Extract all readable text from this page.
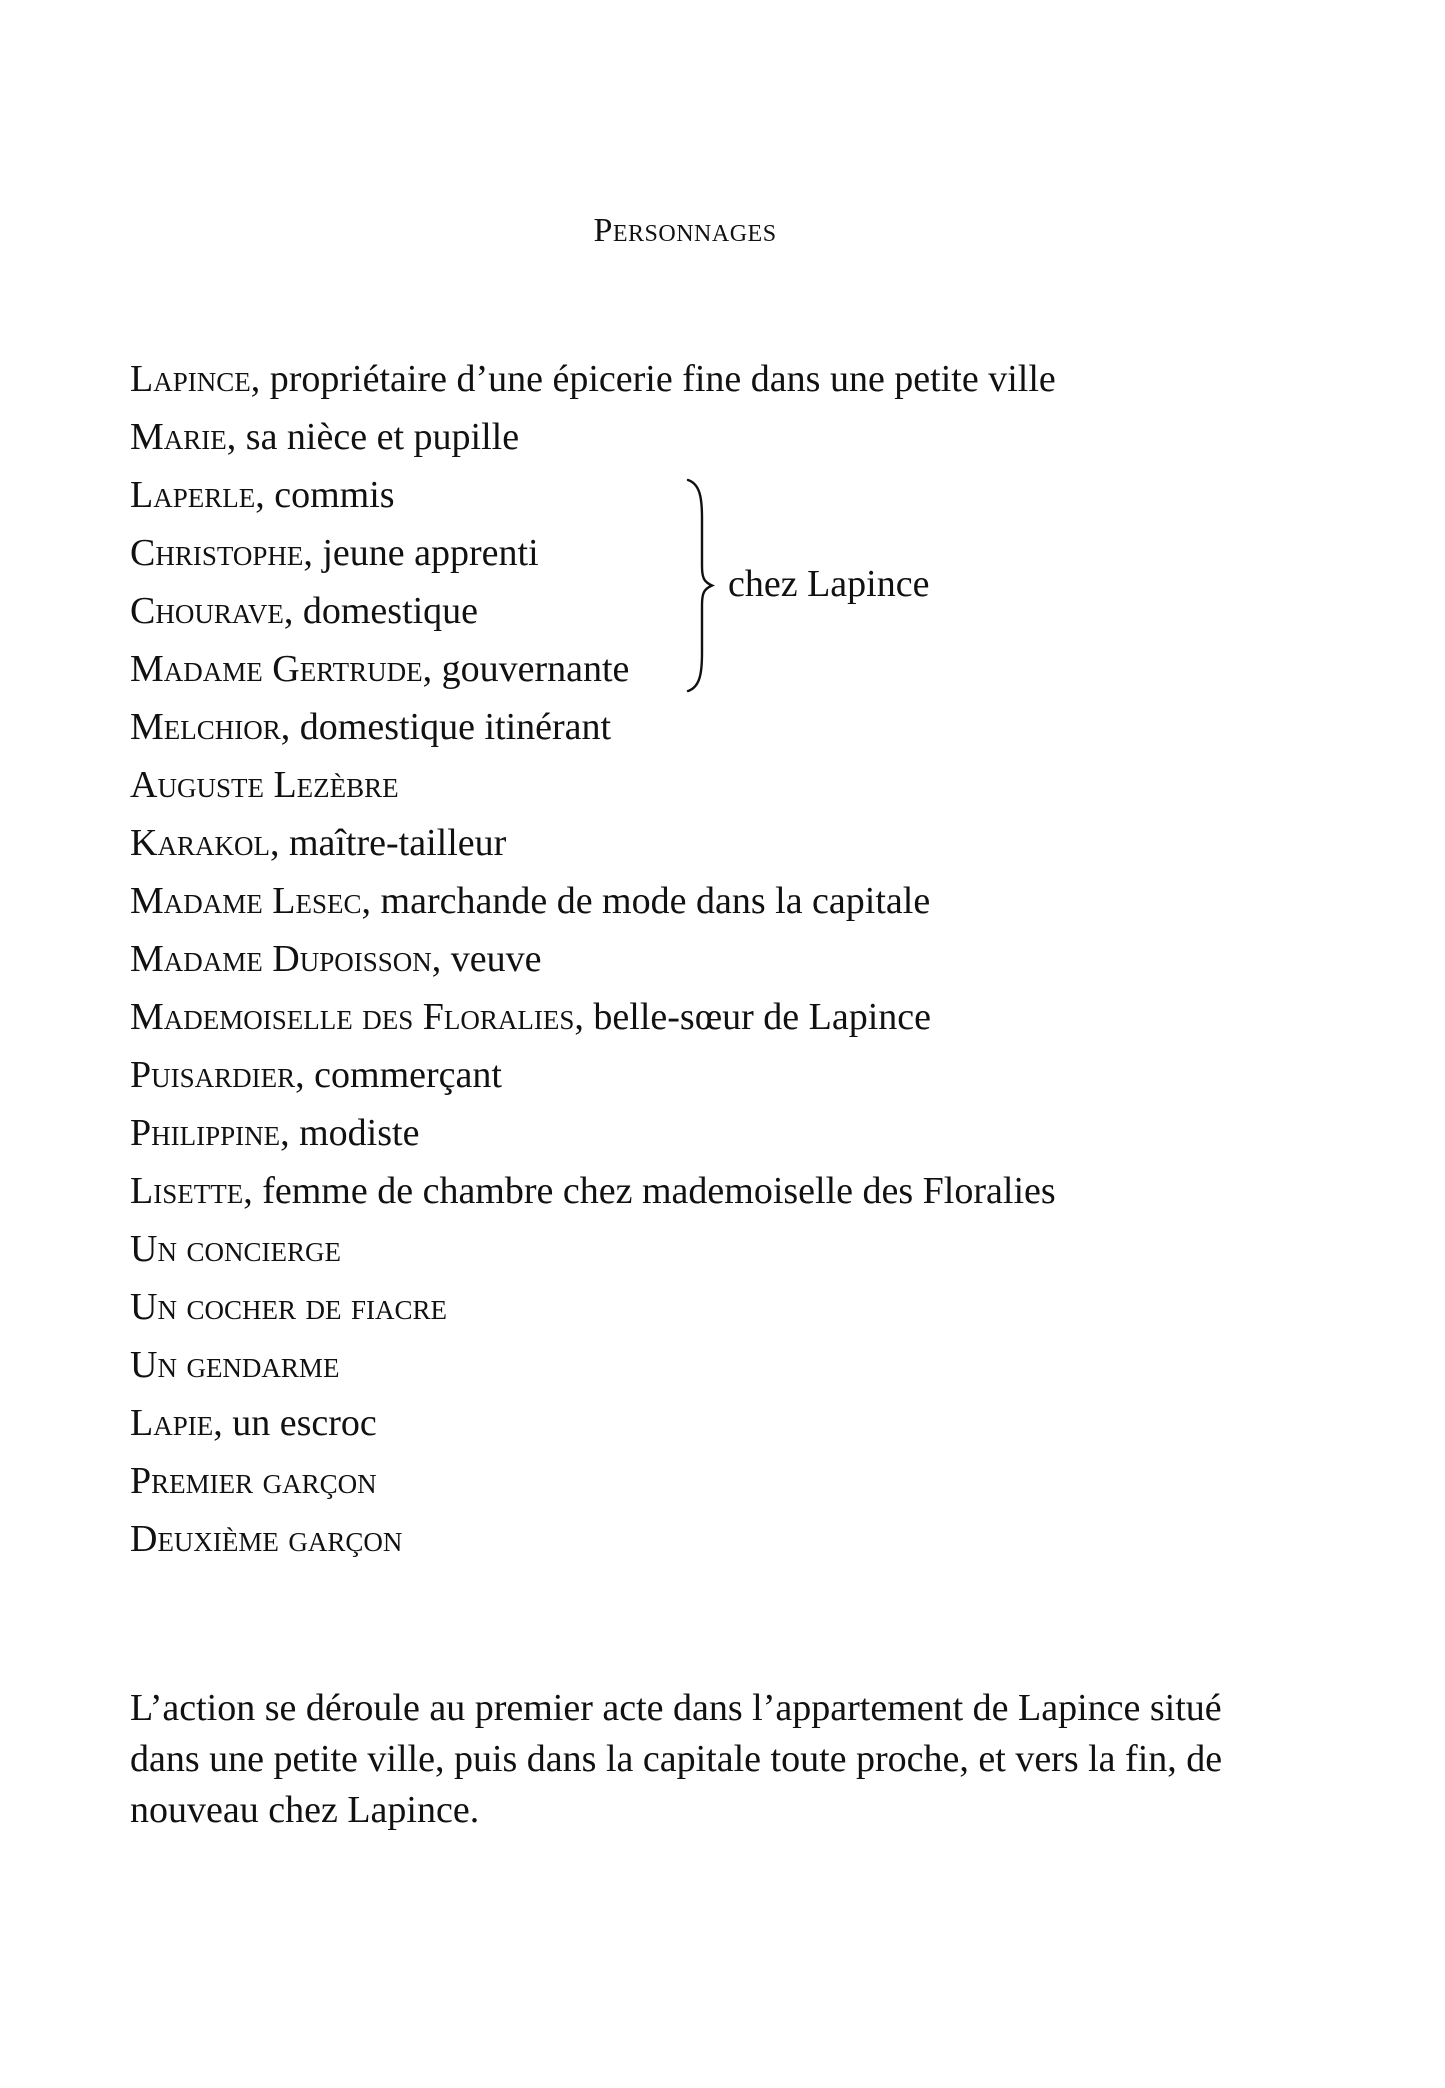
Personnages
Lapince, propriétaire d’une épicerie fine dans une petite ville
Marie, sa nièce et pupille
Laperle, commis
Christophe, jeune apprenti
Chourave, domestique
Madame Gertrude, gouvernante
Melchior, domestique itinérant
Auguste Lezèbre
Karakol, maître-tailleur
Madame Lesec, marchande de mode dans la capitale
Madame Dupoisson, veuve
Mademoiselle des Floralies, belle-sœur de Lapince
Puisardier, commerçant
Philippine, modiste
Lisette, femme de chambre chez mademoiselle des Floralies
Un concierge
Un cocher de fiacre
Un gendarme
Lapie, un escroc
Premier garçon
Deuxième garçon
chez Lapince

L’action se déroule au premier acte dans l’appartement de Lapince situé dans une petite ville, puis dans la capitale toute proche, et vers la fin, de nouveau chez Lapince.
